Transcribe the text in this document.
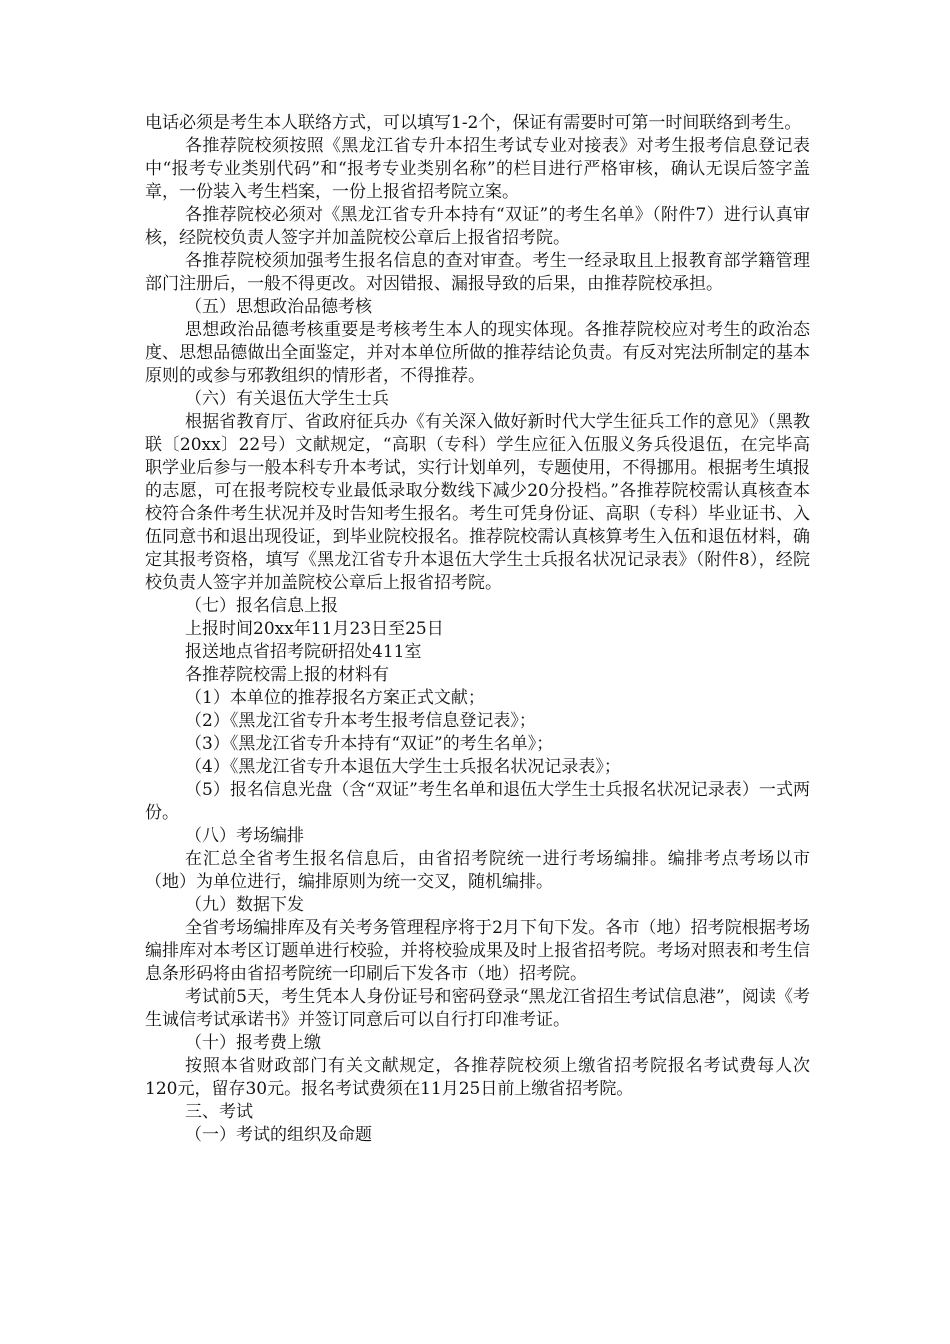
电话必须是考生本人联络方式，可以填写1-2个，保证有需要时可第一时间联络到考生。

各推荐院校须按照《黑龙江省专升本招生考试专业对接表》对考生报考信息登记表中“报考专业类别代码”和“报考专业类别名称”的栏目进行严格审核，确认无误后签字盖章，一份装入考生档案，一份上报省招考院立案。

各推荐院校必须对《黑龙江省专升本持有“双证”的考生名单》（附件7）进行认真审核，经院校负责人签字并加盖院校公章后上报省招考院。

各推荐院校须加强考生报名信息的查对审查。考生一经录取且上报教育部学籍管理部门注册后，一般不得更改。对因错报、漏报导致的后果，由推荐院校承担。

（五）思想政治品德考核

思想政治品德考核重要是考核考生本人的现实体现。各推荐院校应对考生的政治态度、思想品德做出全面鉴定，并对本单位所做的推荐结论负责。有反对宪法所制定的基本原则的或参与邪教组织的情形者，不得推荐。

（六）有关退伍大学生士兵

根据省教育厅、省政府征兵办《有关深入做好新时代大学生征兵工作的意见》（黑教联〔20xx〕22号）文献规定，“高职（专科）学生应征入伍服义务兵役退伍，在完毕高职学业后参与一般本科专升本考试，实行计划单列，专题使用，不得挪用。根据考生填报的志愿，可在报考院校专业最低录取分数线下减少20分投档。”各推荐院校需认真核查本校符合条件考生状况并及时告知考生报名。考生可凭身份证、高职（专科）毕业证书、入伍同意书和退出现役证，到毕业院校报名。推荐院校需认真核算考生入伍和退伍材料，确定其报考资格，填写《黑龙江省专升本退伍大学生士兵报名状况记录表》（附件8），经院校负责人签字并加盖院校公章后上报省招考院。

（七）报名信息上报

上报时间20xx年11月23日至25日

报送地点省招考院研招处411室

各推荐院校需上报的材料有

（1）本单位的推荐报名方案正式文献；

（2）《黑龙江省专升本考生报考信息登记表》；

（3）《黑龙江省专升本持有“双证”的考生名单》；

（4）《黑龙江省专升本退伍大学生士兵报名状况记录表》；

（5）报名信息光盘（含“双证”考生名单和退伍大学生士兵报名状况记录表）一式两份。

（八）考场编排

在汇总全省考生报名信息后，由省招考院统一进行考场编排。编排考点考场以市（地）为单位进行，编排原则为统一交叉，随机编排。

（九）数据下发

全省考场编排库及有关考务管理程序将于2月下旬下发。各市（地）招考院根据考场编排库对本考区订题单进行校验，并将校验成果及时上报省招考院。考场对照表和考生信息条形码将由省招考院统一印刷后下发各市（地）招考院。

考试前5天，考生凭本人身份证号和密码登录“黑龙江省招生考试信息港”，阅读《考生诚信考试承诺书》并签订同意后可以自行打印准考证。

（十）报考费上缴

按照本省财政部门有关文献规定，各推荐院校须上缴省招考院报名考试费每人次120元，留存30元。报名考试费须在11月25日前上缴省招考院。

三、考试

（一）考试的组织及命题
